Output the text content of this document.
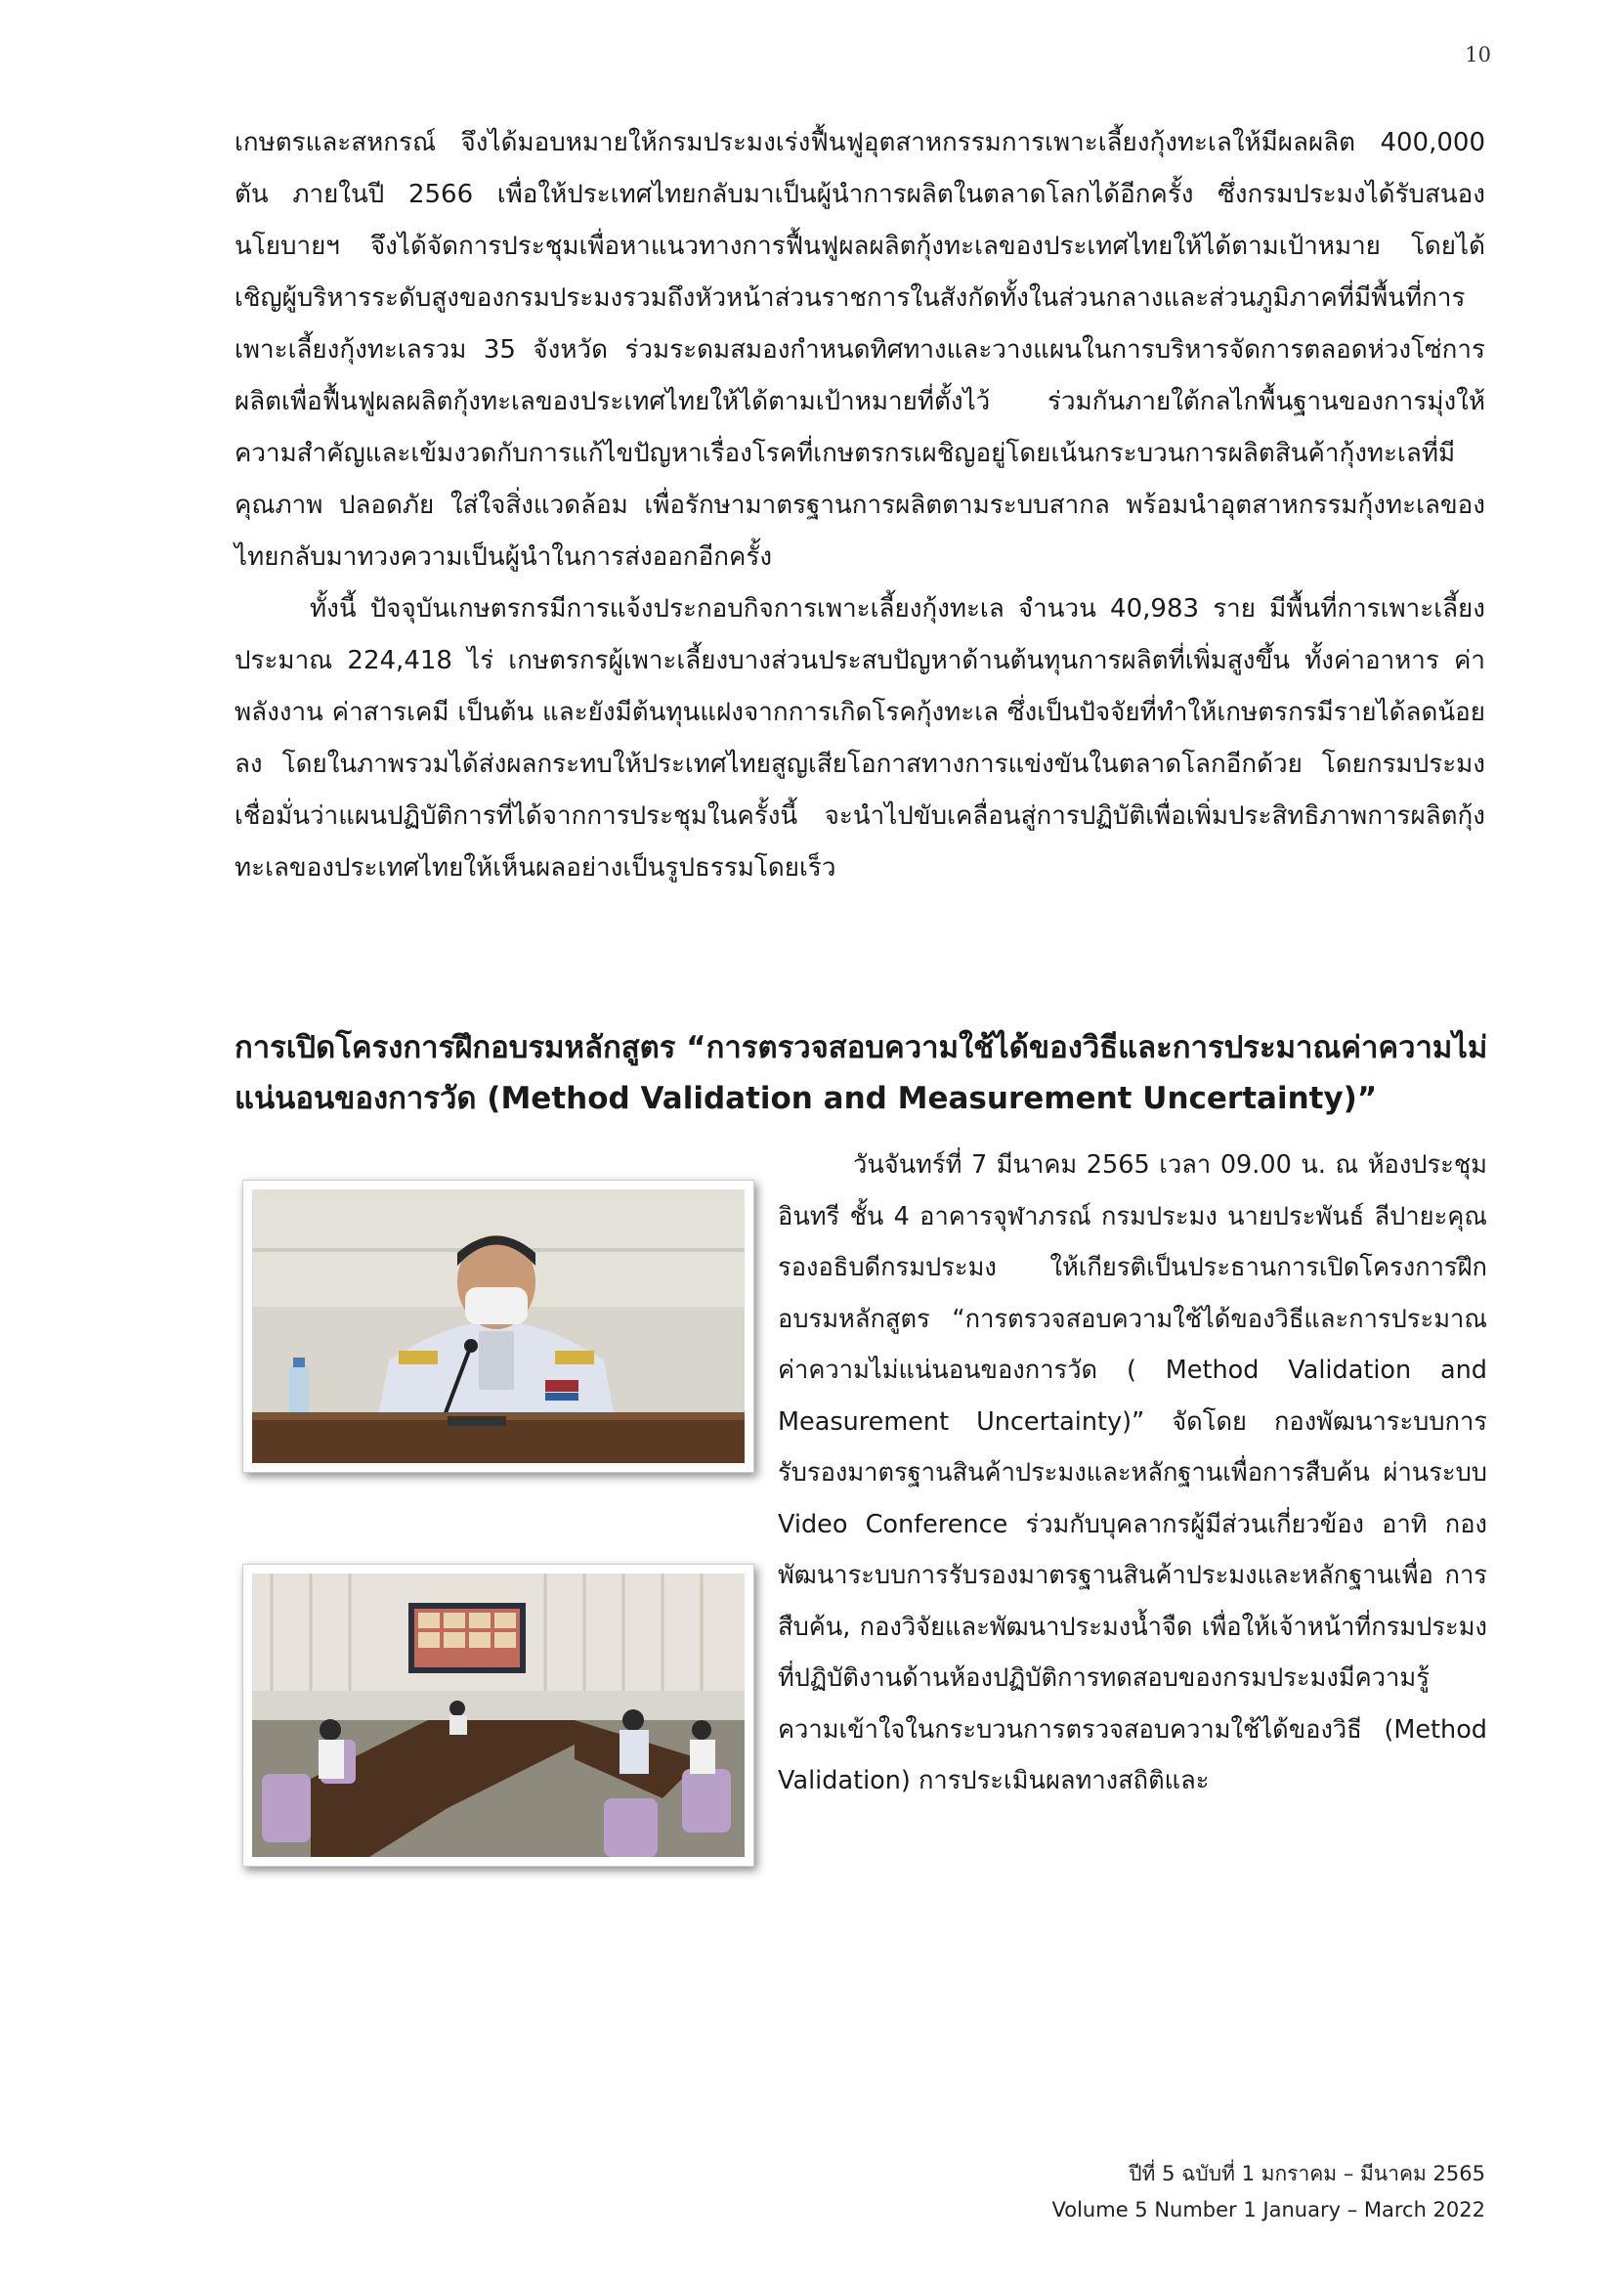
10

เกษตรและสหกรณ์ จึงได้มอบหมายให้กรมประมงเร่งฟื้นฟูอุตสาหกรรมการเพาะเลี้ยงกุ้งทะเลให้มีผลผลิต 400,000 ตัน ภายในปี 2566 เพื่อให้ประเทศไทยกลับมาเป็นผู้นำการผลิตในตลาดโลกได้อีกครั้ง ซึ่งกรมประมงได้รับสนองนโยบายฯ จึงได้จัดการประชุมเพื่อหาแนวทางการฟื้นฟูผลผลิตกุ้งทะเลของประเทศไทยให้ได้ตามเป้าหมาย โดยได้เชิญผู้บริหารระดับสูงของกรมประมงรวมถึงหัวหน้าส่วนราชการในสังกัดทั้งในส่วนกลางและส่วนภูมิภาคที่มีพื้นที่การเพาะเลี้ยงกุ้งทะเลรวม 35 จังหวัด ร่วมระดมสมองกำหนดทิศทางและวางแผนในการบริหารจัดการตลอดห่วงโซ่การผลิตเพื่อฟื้นฟูผลผลิตกุ้งทะเลของประเทศไทยให้ได้ตามเป้าหมายที่ตั้งไว้ ร่วมกันภายใต้กลไกพื้นฐานของการมุ่งให้ความสำคัญและเข้มงวดกับการแก้ไขปัญหาเรื่องโรคที่เกษตรกรเผชิญอยู่โดยเน้นกระบวนการผลิตสินค้ากุ้งทะเลที่มีคุณภาพ ปลอดภัย ใส่ใจสิ่งแวดล้อม เพื่อรักษามาตรฐานการผลิตตามระบบสากล พร้อมนำอุตสาหกรรมกุ้งทะเลของไทยกลับมาทวงความเป็นผู้นำในการส่งออกอีกครั้ง

ทั้งนี้ ปัจจุบันเกษตรกรมีการแจ้งประกอบกิจการเพาะเลี้ยงกุ้งทะเล จำนวน 40,983 ราย มีพื้นที่การเพาะเลี้ยงประมาณ 224,418 ไร่ เกษตรกรผู้เพาะเลี้ยงบางส่วนประสบปัญหาด้านต้นทุนการผลิตที่เพิ่มสูงขึ้น ทั้งค่าอาหาร ค่าพลังงาน ค่าสารเคมี เป็นต้น และยังมีต้นทุนแฝงจากการเกิดโรคกุ้งทะเล ซึ่งเป็นปัจจัยที่ทำให้เกษตรกรมีรายได้ลดน้อยลง โดยในภาพรวมได้ส่งผลกระทบให้ประเทศไทยสูญเสียโอกาสทางการแข่งขันในตลาดโลกอีกด้วย โดยกรมประมงเชื่อมั่นว่าแผนปฏิบัติการที่ได้จากการประชุมในครั้งนี้ จะนำไปขับเคลื่อนสู่การปฏิบัติเพื่อเพิ่มประสิทธิภาพการผลิตกุ้งทะเลของประเทศไทยให้เห็นผลอย่างเป็นรูปธรรมโดยเร็ว

การเปิดโครงการฝึกอบรมหลักสูตร “การตรวจสอบความใช้ได้ของวิธีและการประมาณค่าความไม่แน่นอนของการวัด (Method Validation and Measurement Uncertainty)”

วันจันทร์ที่ 7 มีนาคม 2565 เวลา 09.00 น. ณ ห้องประชุมอินทรี ชั้น 4 อาคารจุฬาภรณ์ กรมประมง นายประพันธ์ ลีปายะคุณ รองอธิบดีกรมประมง ให้เกียรติเป็นประธานการเปิดโครงการฝึกอบรมหลักสูตร “การตรวจสอบความใช้ได้ของวิธีและการประมาณค่าความไม่แน่นอนของการวัด ( Method Validation and Measurement Uncertainty)” จัดโดย กองพัฒนาระบบการรับรองมาตรฐานสินค้าประมงและหลักฐานเพื่อการสืบค้น ผ่านระบบ Video Conference ร่วมกับบุคลากรผู้มีส่วนเกี่ยวข้อง อาทิ กองพัฒนาระบบการรับรองมาตรฐานสินค้าประมงและหลักฐานเพื่อ การสืบค้น, กองวิจัยและพัฒนาประมงน้ำจืด เพื่อให้เจ้าหน้าที่กรมประมงที่ปฏิบัติงานด้านห้องปฏิบัติการทดสอบของกรมประมงมีความรู้ ความเข้าใจในกระบวนการตรวจสอบความใช้ได้ของวิธี (Method Validation) การประเมินผลทางสถิติและ

ปีที่ 5 ฉบับที่ 1 มกราคม – มีนาคม 2565
Volume 5 Number 1 January – March 2022
